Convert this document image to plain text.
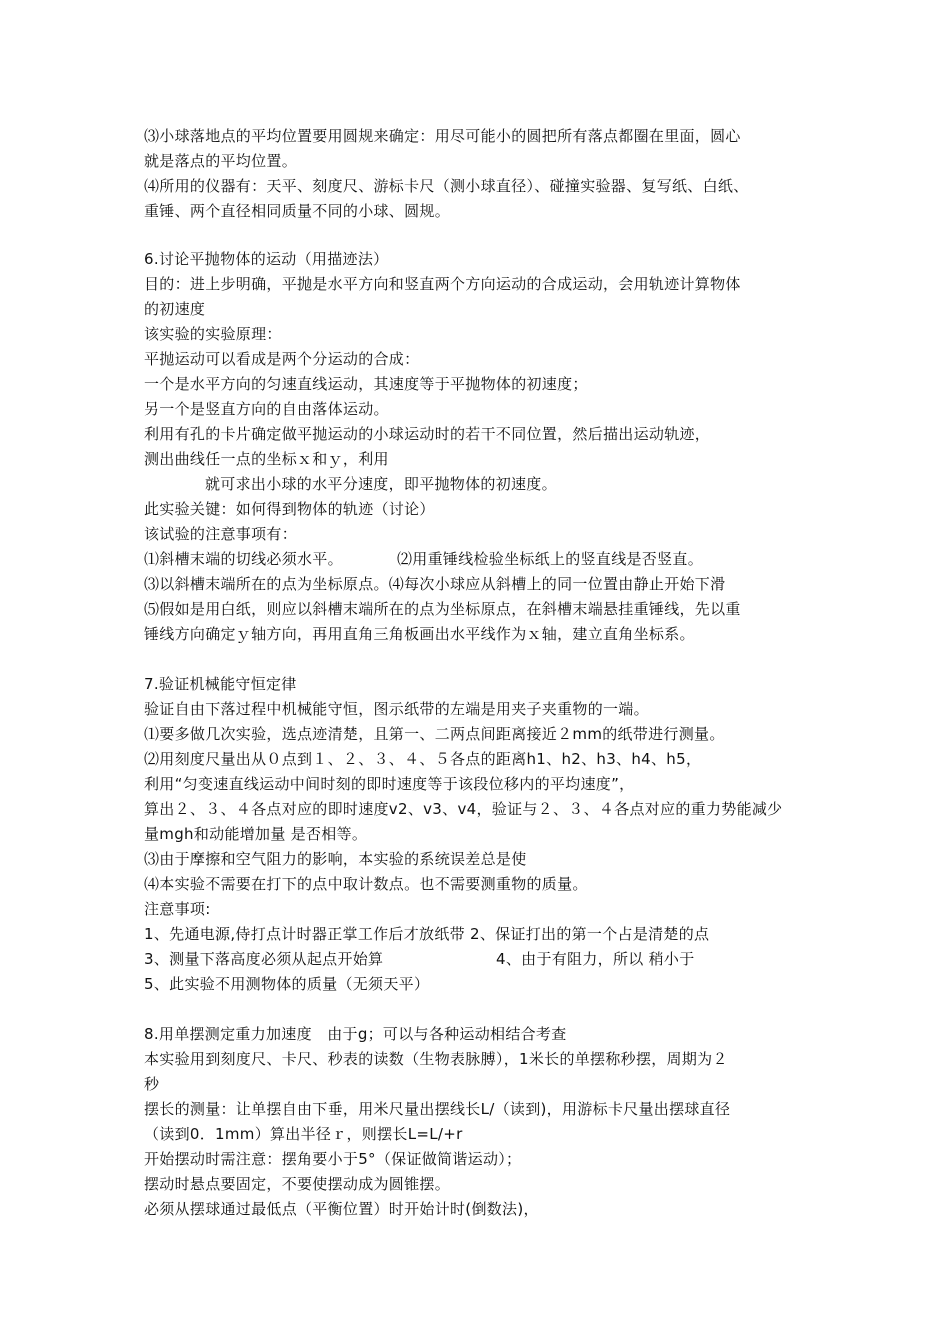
⑶小球落地点的平均位置要用圆规来确定：用尽可能小的圆把所有落点都圈在里面，圆心
就是落点的平均位置。
⑷所用的仪器有：天平、刻度尺、游标卡尺（测小球直径）、碰撞实验器、复写纸、白纸、
重锤、两个直径相同质量不同的小球、圆规。
6.讨论平抛物体的运动（用描迹法）
目的：进上步明确，平抛是水平方向和竖直两个方向运动的合成运动，会用轨迹计算物体
的初速度
该实验的实验原理：
平抛运动可以看成是两个分运动的合成：
一个是水平方向的匀速直线运动，其速度等于平抛物体的初速度；
另一个是竖直方向的自由落体运动。
利用有孔的卡片确定做平抛运动的小球运动时的若干不同位置，然后描出运动轨迹，
测出曲线任一点的坐标ｘ和ｙ，利用
就可求出小球的水平分速度，即平抛物体的初速度。
此实验关键：如何得到物体的轨迹（讨论）
该试验的注意事项有：
⑴斜槽末端的切线必须水平。	⑵用重锤线检验坐标纸上的竖直线是否竖直。
⑶以斜槽末端所在的点为坐标原点。⑷每次小球应从斜槽上的同一位置由静止开始下滑
⑸假如是用白纸，则应以斜槽末端所在的点为坐标原点，在斜槽末端悬挂重锤线，先以重
锤线方向确定ｙ轴方向，再用直角三角板画出水平线作为ｘ轴，建立直角坐标系。
7.验证机械能守恒定律
验证自由下落过程中机械能守恒，图示纸带的左端是用夹子夹重物的一端。
⑴要多做几次实验，选点迹清楚，且第一、二两点间距离接近２mm的纸带进行测量。
⑵用刻度尺量出从０点到１、２、３、４、５各点的距离h1、h2、h3、h4、h5，
利用“匀变速直线运动中间时刻的即时速度等于该段位移内的平均速度”，
算出２、３、４各点对应的即时速度v2、v3、v4，验证与２、３、４各点对应的重力势能减少
量mgh和动能增加量 是否相等。
⑶由于摩擦和空气阻力的影响，本实验的系统误差总是使
⑷本实验不需要在打下的点中取计数点。也不需要测重物的质量。
注意事项:
1、先通电源,侍打点计时器正掌工作后才放纸带 2、保证打出的第一个占是清楚的点
3、测量下落高度必须从起点开始算	4、由于有阻力，所以 稍小于
5、此实验不用测物体的质量（无须天平）
8.用单摆测定重力加速度　由于g；可以与各种运动相结合考查
本实验用到刻度尺、卡尺、秒表的读数（生物表脉膊），1米长的单摆称秒摆，周期为２
秒
摆长的测量：让单摆自由下垂，用米尺量出摆线长L/（读到)，用游标卡尺量出摆球直径
（读到0．1mm）算出半径ｒ，则摆长L=L/+r
开始摆动时需注意：摆角要小于5°（保证做简谐运动）；
摆动时悬点要固定，不要使摆动成为圆锥摆。
必须从摆球通过最低点（平衡位置）时开始计时(倒数法)，
